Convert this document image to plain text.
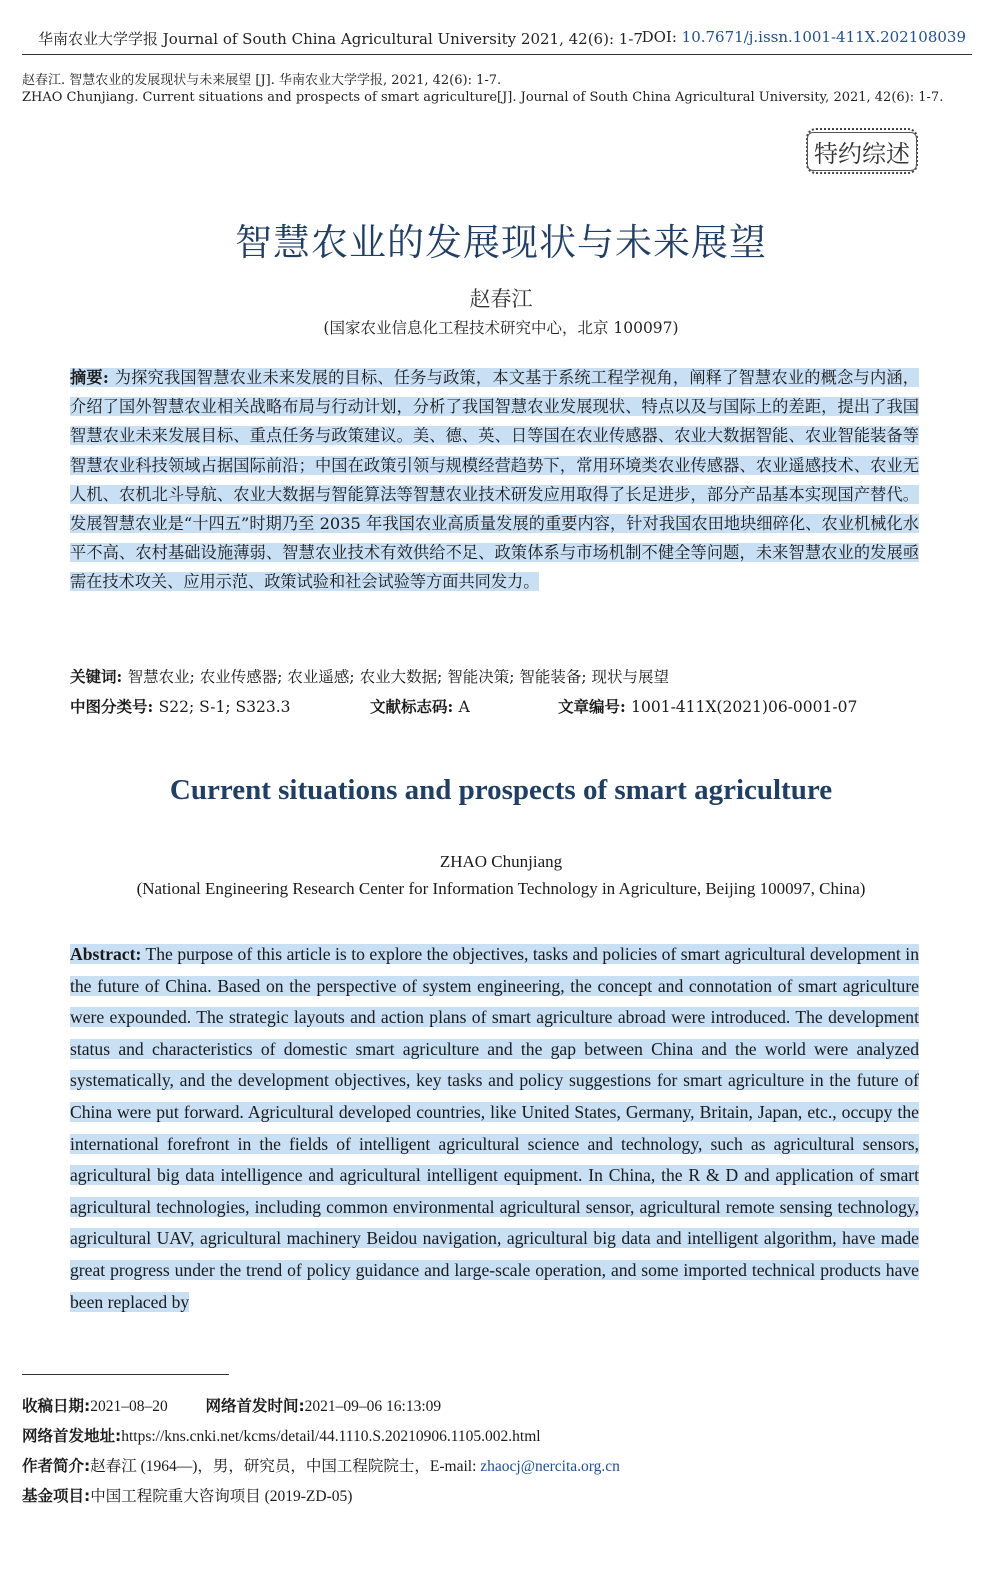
华南农业大学学报 Journal of South China Agricultural University 2021, 42(6): 1-7
DOI: 10.7671/j.issn.1001-411X.202108039
赵春江. 智慧农业的发展现状与未来展望 [J]. 华南农业大学学报, 2021, 42(6): 1-7.
ZHAO Chunjiang. Current situations and prospects of smart agriculture[J]. Journal of South China Agricultural University, 2021, 42(6): 1-7.
特约综述
智慧农业的发展现状与未来展望
赵春江
(国家农业信息化工程技术研究中心，北京 100097)
摘要: 为探究我国智慧农业未来发展的目标、任务与政策，本文基于系统工程学视角，阐释了智慧农业的概念与内涵，介绍了国外智慧农业相关战略布局与行动计划，分析了我国智慧农业发展现状、特点以及与国际上的差距，提出了我国智慧农业未来发展目标、重点任务与政策建议。美、德、英、日等国在农业传感器、农业大数据智能、农业智能装备等智慧农业科技领域占据国际前沿；中国在政策引领与规模经营趋势下，常用环境类农业传感器、农业遥感技术、农业无人机、农机北斗导航、农业大数据与智能算法等智慧农业技术研发应用取得了长足进步，部分产品基本实现国产替代。发展智慧农业是“十四五”时期乃至 2035 年我国农业高质量发展的重要内容，针对我国农田地块细碎化、农业机械化水平不高、农村基础设施薄弱、智慧农业技术有效供给不足、政策体系与市场机制不健全等问题，未来智慧农业的发展亟需在技术攻关、应用示范、政策试验和社会试验等方面共同发力。
关键词: 智慧农业; 农业传感器; 农业遥感; 农业大数据; 智能决策; 智能装备; 现状与展望
中图分类号: S22; S-1; S323.3	文献标志码: A	文章编号: 1001-411X(2021)06-0001-07
Current situations and prospects of smart agriculture
ZHAO Chunjiang
(National Engineering Research Center for Information Technology in Agriculture, Beijing 100097, China)
Abstract: The purpose of this article is to explore the objectives, tasks and policies of smart agricultural development in the future of China. Based on the perspective of system engineering, the concept and connotation of smart agriculture were expounded. The strategic layouts and action plans of smart agriculture abroad were introduced. The development status and characteristics of domestic smart agriculture and the gap between China and the world were analyzed systematically, and the development objectives, key tasks and policy suggestions for smart agriculture in the future of China were put forward. Agricultural developed countries, like United States, Germany, Britain, Japan, etc., occupy the international forefront in the fields of intelligent agricultural science and technology, such as agricultural sensors, agricultural big data intelligence and agricultural intelligent equipment. In China, the R & D and application of smart agricultural technologies, including common environmental agricultural sensor, agricultural remote sensing technology, agricultural UAV, agricultural machinery Beidou navigation, agricultural big data and intelligent algorithm, have made great progress under the trend of policy guidance and large-scale operation, and some imported technical products have been replaced by
收稿日期:2021–08–20 网络首发时间:2021–09–06 16:13:09
网络首发地址:https://kns.cnki.net/kcms/detail/44.1110.S.20210906.1105.002.html
作者简介:赵春江 (1964—)，男，研究员，中国工程院院士，E-mail: zhaocj@nercita.org.cn
基金项目:中国工程院重大咨询项目 (2019-ZD-05)
